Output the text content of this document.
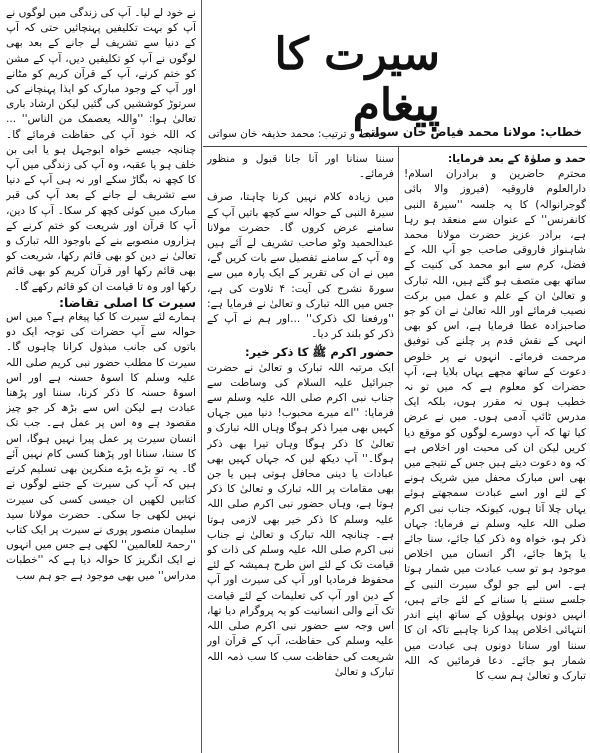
سیرت کا پیغام
خطاب: مولانا محمد فیاض خان سواتی
ضبط و ترتیب: محمد حذیفہ خان سواتی

حمد و صلوٰۃ کے بعد فرمایا:

محترم حاضرین و برادران اسلام! دارالعلوم فاروقیہ (فیروز والا بائی گوجرانوالہ) کا یہ جلسہ ''سیرۃ النبی کانفرنس'' کے عنوان سے منعقد ہو رہا ہے، برادر عزیز حضرت مولانا محمد شاہنواز فاروقی صاحب جو آپ اللہ کے فضل، کرم سے ابو محمد کی کنیت کے ساتھ بھی متصف ہو گئے ہیں، اللہ تبارک و تعالیٰ ان کے علم و عمل میں برکت نصیب فرمائے اور اللہ تعالیٰ نے ان کو جو صاحبزادہ عطا فرمایا ہے، اس کو بھی انہی کے نقش قدم پر چلنے کی توفیق مرحمت فرمائے۔ انہوں نے پر خلوص دعوت کے ساتھ مجھے یہاں بلایا ہے، آپ حضرات کو معلوم ہے کہ میں تو نہ خطیب ہوں نہ مقرر ہوں، بلکہ ایک مدرس ٹائپ آدمی ہوں۔ میں نے عرض کیا تھا کہ آپ دوسرے لوگوں کو موقع دیا کریں لیکن ان کی محبت اور اخلاص ہے کہ وہ دعوت دیتے ہیں جس کے نتیجے میں بھی اس مبارک محفل میں شریک ہونے کے لئے اور اسے عبادت سمجھتے ہوئے یہاں چلا آتا ہوں، کیونکہ جناب نبی اکرم صلی اللہ علیہ وسلم نے فرمایا: جہاں ذکر ہو، خواہ وہ ذکر کیا جائے، سنا جائے یا پڑھا جائے، اگر انسان میں اخلاص موجود ہو تو سب عبادت میں شمار ہوتا ہے۔ اس لیے جو لوگ سیرت النبی کے جلسے سننے یا سنانے کے لئے جاتے ہیں، انہیں دونوں پہلوؤں کے ساتھ اپنے اندر انتہائی اخلاص پیدا کرنا چاہیے تاکہ ان کا سننا اور سنانا دونوں ہی عبادت میں شمار ہو جائے۔ دعا فرمائیں کہ اللہ تبارک و تعالیٰ ہم سب کا

سننا سنانا اور آنا جانا قبول و منظور فرمائے۔

میں زیادہ کلام نہیں کرنا چاہتا، صرف سیرۃ النبی کے حوالہ سے کچھ باتیں آپ کے سامنے عرض کروں گا۔ حضرت مولانا عبدالحمید وٹو صاحب تشریف لے آئے ہیں وہ آپ کے سامنے تفصیل سے بات کریں گے، میں نے ان کی تقریر کے ایک پارہ میں سے سورۃ نشرح کی آیت: ۴ تلاوت کی ہے، جس میں اللہ تبارک و تعالیٰ نے فرمایا ہے: ''ورفعنا لک ذکرک'' ...اور ہم نے آپ کے ذکر کو بلند کر دیا۔

حضور اکرم ﷺ کا ذکر خیر:

ایک مرتبہ اللہ تبارک و تعالیٰ نے حضرت جبرائیل علیہ السلام کی وساطت سے جناب نبی اکرم صلی اللہ علیہ وسلم سے فرمایا: ''اے میرے محبوب! دنیا میں جہاں کہیں بھی میرا ذکر ہوگا وہاں اللہ تبارک و تعالیٰ کا ذکر ہوگا وہاں تیرا بھی ذکر ہوگا۔'' آپ دیکھ لیں کہ جہاں کہیں بھی عبادات یا دینی محافل ہوتی ہیں یا جن بھی مقامات پر اللہ تبارک و تعالیٰ کا ذکر ہوتا ہے، وہاں حضور نبی اکرم صلی اللہ علیہ وسلم کا ذکر خیر بھی لازمی ہوتا ہے۔ چنانچہ اللہ تبارک و تعالیٰ نے جناب نبی اکرم صلی اللہ علیہ وسلم کی ذات کو قیامت تک کے لئے اس طرح ہمیشہ کے لئے محفوظ فرمادیا اور آپ کی سیرت اور آپ کے دین اور آپ کی تعلیمات کے لئے قیامت تک آنے والی انسانیت کو یہ پروگرام دیا تھا، اس وجہ سے حضور نبی اکرم صلی اللہ علیہ وسلم کی حفاظت، آپ کے قرآن اور شریعت کی حفاظت سب کا سب ذمہ اللہ تبارک و تعالیٰ

نے خود لے لیا۔ آپ کی زندگی میں لوگوں نے آپ کو بہت تکلیفیں پہنچائیں حتی کہ آپ کے دنیا سے تشریف لے جانے کے بعد بھی لوگوں نے آپ کو تکلیفیں دیں، آپ کے مشن کو ختم کرنے، آپ کے قرآن کریم کو مٹانے اور آپ کے وجود مبارک کو ایذا پہنچانے کی سرتوڑ کوششیں کی گئیں لیکن ارشاد باری تعالیٰ ہوا: ''واللہ یعصمک من الناس'' ... کہ اللہ خود آپ کی حفاظت فرمائے گا۔ چنانچہ جیسے خواہ ابوجہل ہو یا ابی بن خلف ہو یا عقبہ، وہ آپ کی زندگی میں آپ کا کچھ نہ بگاڑ سکے اور نہ ہی آپ کے دنیا سے تشریف لے جانے کے بعد آپ کی قبر مبارک میں کوئی کچھ کر سکا۔ آپ کا دین، آپ کا قرآن اور شریعت کو ختم کرنے کے ہزاروں منصوبے بنے کے باوجود اللہ تبارک و تعالیٰ نے دین کو بھی قائم رکھا، شریعت کو بھی قائم رکھا اور قرآن کریم کو بھی قائم رکھا اور وہ تا قیامت ان کو قائم رکھے گا۔

سیرت کا اصلی تقاضا:

ہمارے لئے سیرت کا کیا پیغام ہے؟ میں اس حوالہ سے آپ حضرات کی توجہ ایک دو باتوں کی جانب مبذول کرانا چاہوں گا۔ سیرت کا مطلب حضور نبی کریم صلی اللہ علیہ وسلم کا اسوۂ حسنہ ہے اور اس اسوۂ حسنہ کا ذکر کرنا، سننا اور پڑھنا عبادت ہے لیکن اس سے بڑھ کر جو چیز مقصود ہے وہ اس پر عمل ہے۔ جب تک انسان سیرت پر عمل پیرا نہیں ہوگا، اس کا سننا، سنانا اور پڑھنا کسی کام نہیں آئے گا۔ یہ تو بڑے بڑے منکرین بھی تسلیم کرتے ہیں کہ آپ کی سیرت کے جتنے لوگوں نے کتابیں لکھیں ان جیسی کسی کی سیرت نہیں لکھی جا سکی۔ حضرت مولانا سید سلیمان منصور پوری نے سیرت پر ایک کتاب ''رحمۃ للعالمین'' لکھی ہے جس میں انہوں نے ایک انگریز کا حوالہ دیا ہے کہ ''خطبات مدراس'' میں بھی موجود ہے جو ہم سب
